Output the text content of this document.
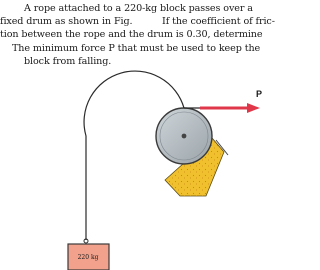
A rope attached to a 220-kg block passes over a
fixed drum as shown in Fig.	If the coefficient of fric-
tion between the rope and the drum is 0.30, determine
The minimum force P that must be used to keep the
block from falling.
P
220 kg
